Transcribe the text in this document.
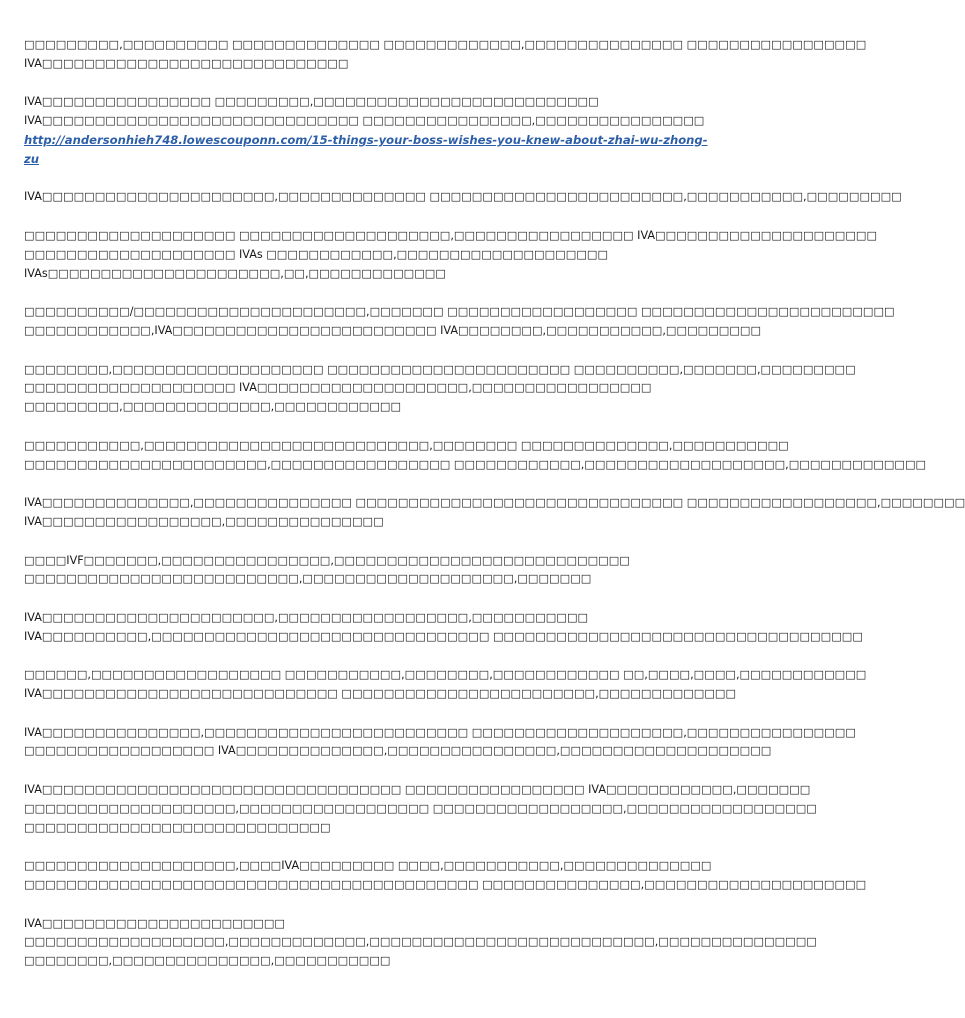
□□□□□□□□□,□□□□□□□□□□ □□□□□□□□□□□□□□ □□□□□□□□□□□□□,□□□□□□□□□□□□□□□ □□□□□□□□□□□□□□□□□
IVA□□□□□□□□□□□□□□□□□□□□□□□□□□□□□

IVA□□□□□□□□□□□□□□□□ □□□□□□□□□,□□□□□□□□□□□□□□□□□□□□□□□□□□□
IVA□□□□□□□□□□□□□□□□□□□□□□□□□□□□□□ □□□□□□□□□□□□□□□□,□□□□□□□□□□□□□□□□
http://andersonhieh748.lowescouponn.com/15-things-your-boss-wishes-you-knew-about-zhai-wu-zhong-
zu

IVA□□□□□□□□□□□□□□□□□□□□□□,□□□□□□□□□□□□□□ □□□□□□□□□□□□□□□□□□□□□□□□,□□□□□□□□□□□,□□□□□□□□□

□□□□□□□□□□□□□□□□□□□□ □□□□□□□□□□□□□□□□□□□□,□□□□□□□□□□□□□□□□□ IVA□□□□□□□□□□□□□□□□□□□□□
□□□□□□□□□□□□□□□□□□□□ IVAs □□□□□□□□□□□□,□□□□□□□□□□□□□□□□□□□□
IVAs□□□□□□□□□□□□□□□□□□□□□□,□□,□□□□□□□□□□□□□

□□□□□□□□□□/□□□□□□□□□□□□□□□□□□□□□□,□□□□□□□ □□□□□□□□□□□□□□□□□□ □□□□□□□□□□□□□□□□□□□□□□□□
□□□□□□□□□□□□,IVA□□□□□□□□□□□□□□□□□□□□□□□□□ IVA□□□□□□□□,□□□□□□□□□□□,□□□□□□□□□

□□□□□□□□,□□□□□□□□□□□□□□□□□□□□ □□□□□□□□□□□□□□□□□□□□□□□ □□□□□□□□□□,□□□□□□□,□□□□□□□□□
□□□□□□□□□□□□□□□□□□□□ IVA□□□□□□□□□□□□□□□□□□□□,□□□□□□□□□□□□□□□□□
□□□□□□□□□,□□□□□□□□□□□□□□,□□□□□□□□□□□□

□□□□□□□□□□□,□□□□□□□□□□□□□□□□□□□□□□□□□□□,□□□□□□□□ □□□□□□□□□□□□□□,□□□□□□□□□□□
□□□□□□□□□□□□□□□□□□□□□□□,□□□□□□□□□□□□□□□□□ □□□□□□□□□□□□,□□□□□□□□□□□□□□□□□□□,□□□□□□□□□□□□□

IVA□□□□□□□□□□□□□□,□□□□□□□□□□□□□□□ □□□□□□□□□□□□□□□□□□□□□□□□□□□□□□□ □□□□□□□□□□□□□□□□□□,□□□□□□□□
IVA□□□□□□□□□□□□□□□□□,□□□□□□□□□□□□□□□

□□□□IVF□□□□□□□,□□□□□□□□□□□□□□□□,□□□□□□□□□□□□□□□□□□□□□□□□□□□□
□□□□□□□□□□□□□□□□□□□□□□□□□□,□□□□□□□□□□□□□□□□□□□□,□□□□□□□

IVA□□□□□□□□□□□□□□□□□□□□□□,□□□□□□□□□□□□□□□□□□,□□□□□□□□□□□
IVA□□□□□□□□□□,□□□□□□□□□□□□□□□□□□□□□□□□□□□□□□□□ □□□□□□□□□□□□□□□□□□□□□□□□□□□□□□□□□□□

□□□□□□,□□□□□□□□□□□□□□□□□□ □□□□□□□□□□□,□□□□□□□□,□□□□□□□□□□□□ □□,□□□□,□□□□,□□□□□□□□□□□□
IVA□□□□□□□□□□□□□□□□□□□□□□□□□□□□ □□□□□□□□□□□□□□□□□□□□□□□□,□□□□□□□□□□□□□

IVA□□□□□□□□□□□□□□□,□□□□□□□□□□□□□□□□□□□□□□□□□ □□□□□□□□□□□□□□□□□□□□,□□□□□□□□□□□□□□□□
□□□□□□□□□□□□□□□□□□ IVA□□□□□□□□□□□□□□,□□□□□□□□□□□□□□□□,□□□□□□□□□□□□□□□□□□□□

IVA□□□□□□□□□□□□□□□□□□□□□□□□□□□□□□□□□□ □□□□□□□□□□□□□□□□□ IVA□□□□□□□□□□□□,□□□□□□□
□□□□□□□□□□□□□□□□□□□□,□□□□□□□□□□□□□□□□□□ □□□□□□□□□□□□□□□□□□,□□□□□□□□□□□□□□□□□□
□□□□□□□□□□□□□□□□□□□□□□□□□□□□□

□□□□□□□□□□□□□□□□□□□□,□□□□IVA□□□□□□□□□ □□□□,□□□□□□□□□□□,□□□□□□□□□□□□□□
□□□□□□□□□□□□□□□□□□□□□□□□□□□□□□□□□□□□□□□□□□□ □□□□□□□□□□□□□□□,□□□□□□□□□□□□□□□□□□□□□

IVA□□□□□□□□□□□□□□□□□□□□□□□
□□□□□□□□□□□□□□□□□□□,□□□□□□□□□□□□□,□□□□□□□□□□□□□□□□□□□□□□□□□□□,□□□□□□□□□□□□□□□
□□□□□□□□,□□□□□□□□□□□□□□□,□□□□□□□□□□□
